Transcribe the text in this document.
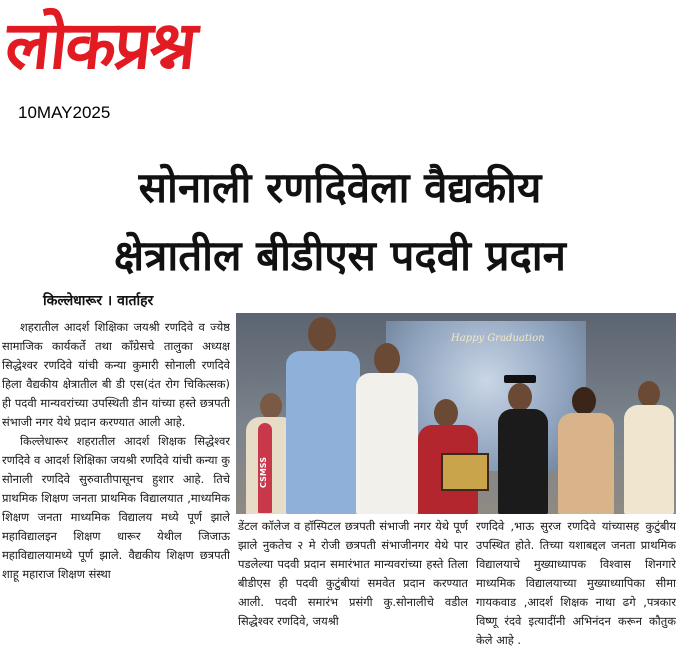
लोकप्रश्न
10MAY2025
सोनाली रणदिवेला वैद्यकीय
क्षेत्रातील बीडीएस पदवी प्रदान
किल्लेधारूर । वार्ताहर

शहरातील आदर्श शिक्षिका जयश्री रणदिवे व ज्येष्ठ सामाजिक कार्यकर्ते तथा काँग्रेसचे तालुका अध्यक्ष सिद्धेश्वर रणदिवे यांची कन्या कुमारी सोनाली रणदिवे हिला वैद्यकीय क्षेत्रातील बी डी एस(दंत रोग चिकित्सक) ही पदवी मान्यवरांच्या उपस्थिती डीन यांच्या हस्ते छत्रपती संभाजी नगर येथे प्रदान करण्यात आली आहे.

किल्लेधारूर शहरातील आदर्श शिक्षक सिद्धेश्वर रणदिवे व आदर्श शिक्षिका जयश्री रणदिवे यांची कन्या कु सोनाली रणदिवे सुरुवातीपासूनच हुशार आहे. तिचे प्राथमिक शिक्षण जनता प्राथमिक विद्यालयात ,माध्यमिक शिक्षण जनता माध्यमिक विद्यालय मध्ये पूर्ण झाले महाविद्यालइन शिक्षण धारूर येथील जिजाऊ महाविद्यालयामध्ये पूर्ण झाले. वैद्यकीय शिक्षण छत्रपती शाहू महाराज शिक्षण संस्था

Happy Graduation
CSMSS

डेंटल कॉलेज व हॉस्पिटल छत्रपती संभाजी नगर येथे पूर्ण झाले नुकतेच २ मे रोजी छत्रपती संभाजीनगर येथे पार पडलेल्या पदवी प्रदान समारंभात मान्यवरांच्या हस्ते तिला बीडीएस ही पदवी कुटुंबीयां समवेत प्रदान करण्यात आली. पदवी समारंभ प्रसंगी कु.सोनालीचे वडील सिद्धेश्वर रणदिवे, जयश्री

रणदिवे ,भाऊ सुरज रणदिवे यांच्यासह कुटुंबीय उपस्थित होते. तिच्या यशाबद्दल जनता प्राथमिक विद्यालयाचे मुख्याध्यापक विश्वास शिनगारे माध्यमिक विद्यालयाच्या मुख्याध्यापिका सीमा गायकवाड ,आदर्श शिक्षक नाथा ढगे ,पत्रकार विष्णू रंदवे इत्यादींनी अभिनंदन करून कौतुक केले आहे .
